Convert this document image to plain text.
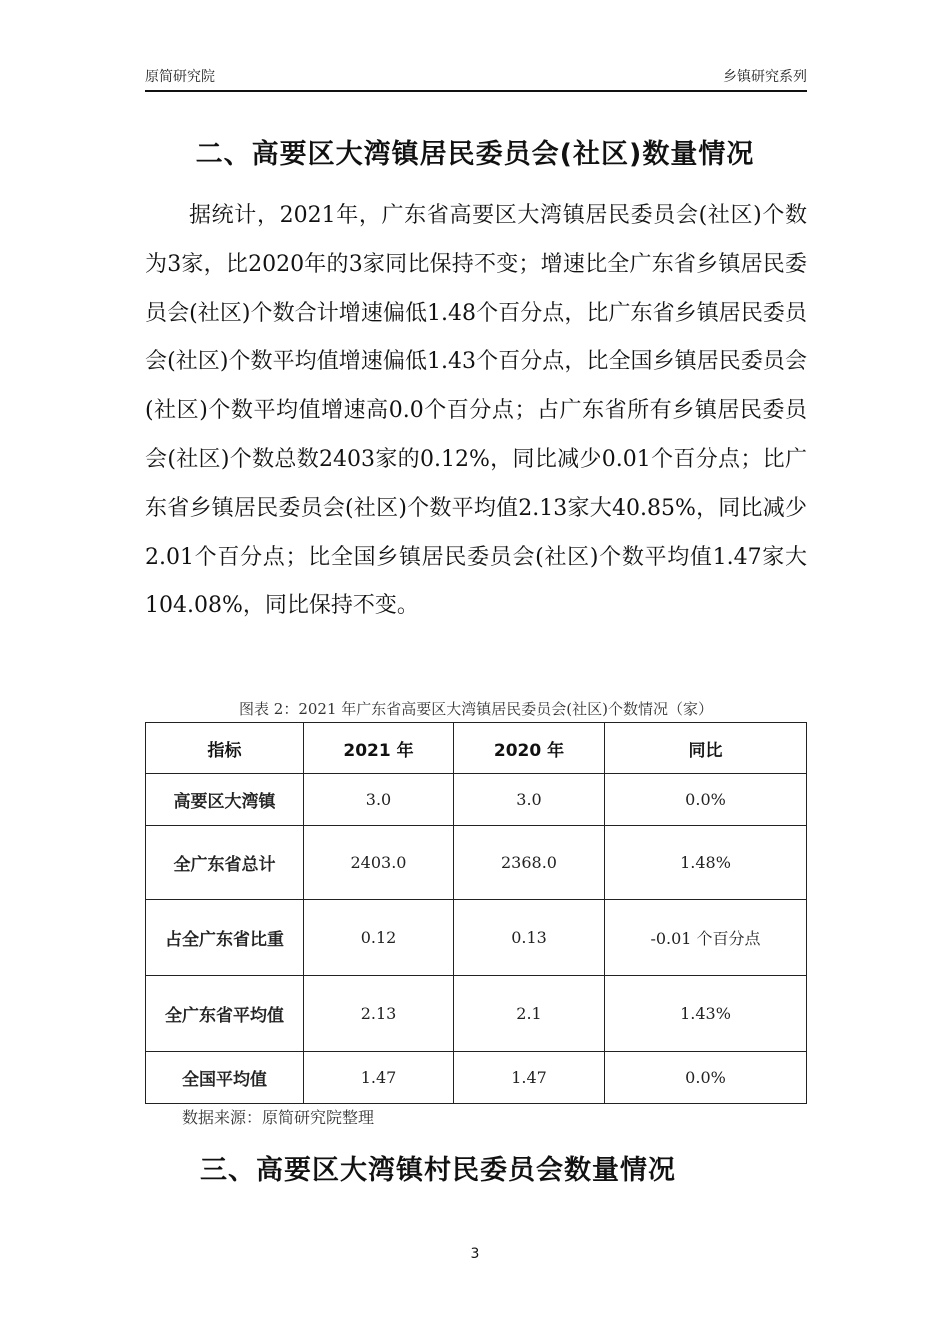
原简研究院	乡镇研究系列
二、高要区大湾镇居民委员会(社区)数量情况

据统计，2021年，广东省高要区大湾镇居民委员会(社区)个数为3家，比2020年的3家同比保持不变；增速比全广东省乡镇居民委员会(社区)个数合计增速偏低1.48个百分点，比广东省乡镇居民委员会(社区)个数平均值增速偏低1.43个百分点，比全国乡镇居民委员会(社区)个数平均值增速高0.0个百分点；占广东省所有乡镇居民委员会(社区)个数总数2403家的0.12%，同比减少0.01个百分点；比广东省乡镇居民委员会(社区)个数平均值2.13家大40.85%，同比减少2.01个百分点；比全国乡镇居民委员会(社区)个数平均值1.47家大104.08%，同比保持不变。

图表 2：2021 年广东省高要区大湾镇居民委员会(社区)个数情况（家）
指标	2021 年	2020 年	同比
高要区大湾镇	3.0	3.0	0.0%
全广东省总计	2403.0	2368.0	1.48%
占全广东省比重	0.12	0.13	-0.01 个百分点
全广东省平均值	2.13	2.1	1.43%
全国平均值	1.47	1.47	0.0%
数据来源：原简研究院整理
三、高要区大湾镇村民委员会数量情况
3
